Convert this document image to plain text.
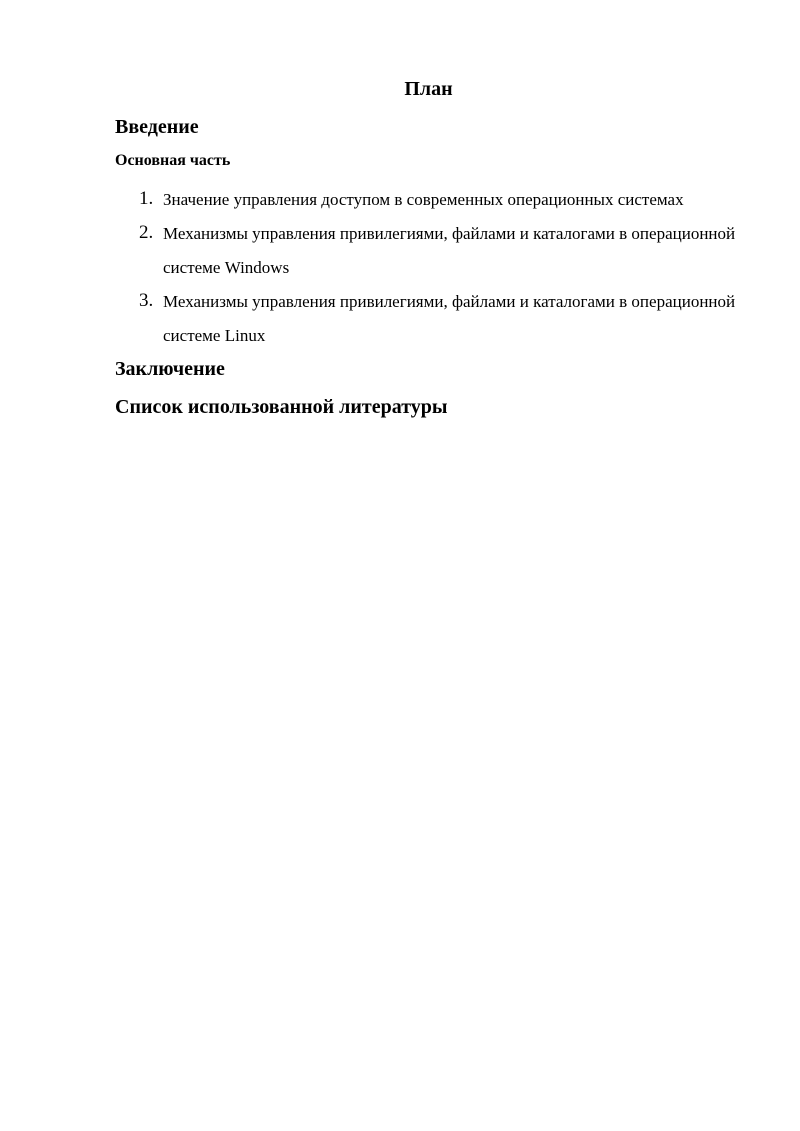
План
Введение
Основная часть
1. Значение управления доступом в современных операционных системах
2. Механизмы управления привилегиями, файлами и каталогами в операционной системе Windows
3. Механизмы управления привилегиями, файлами и каталогами в операционной системе Linux
Заключение
Список использованной литературы
